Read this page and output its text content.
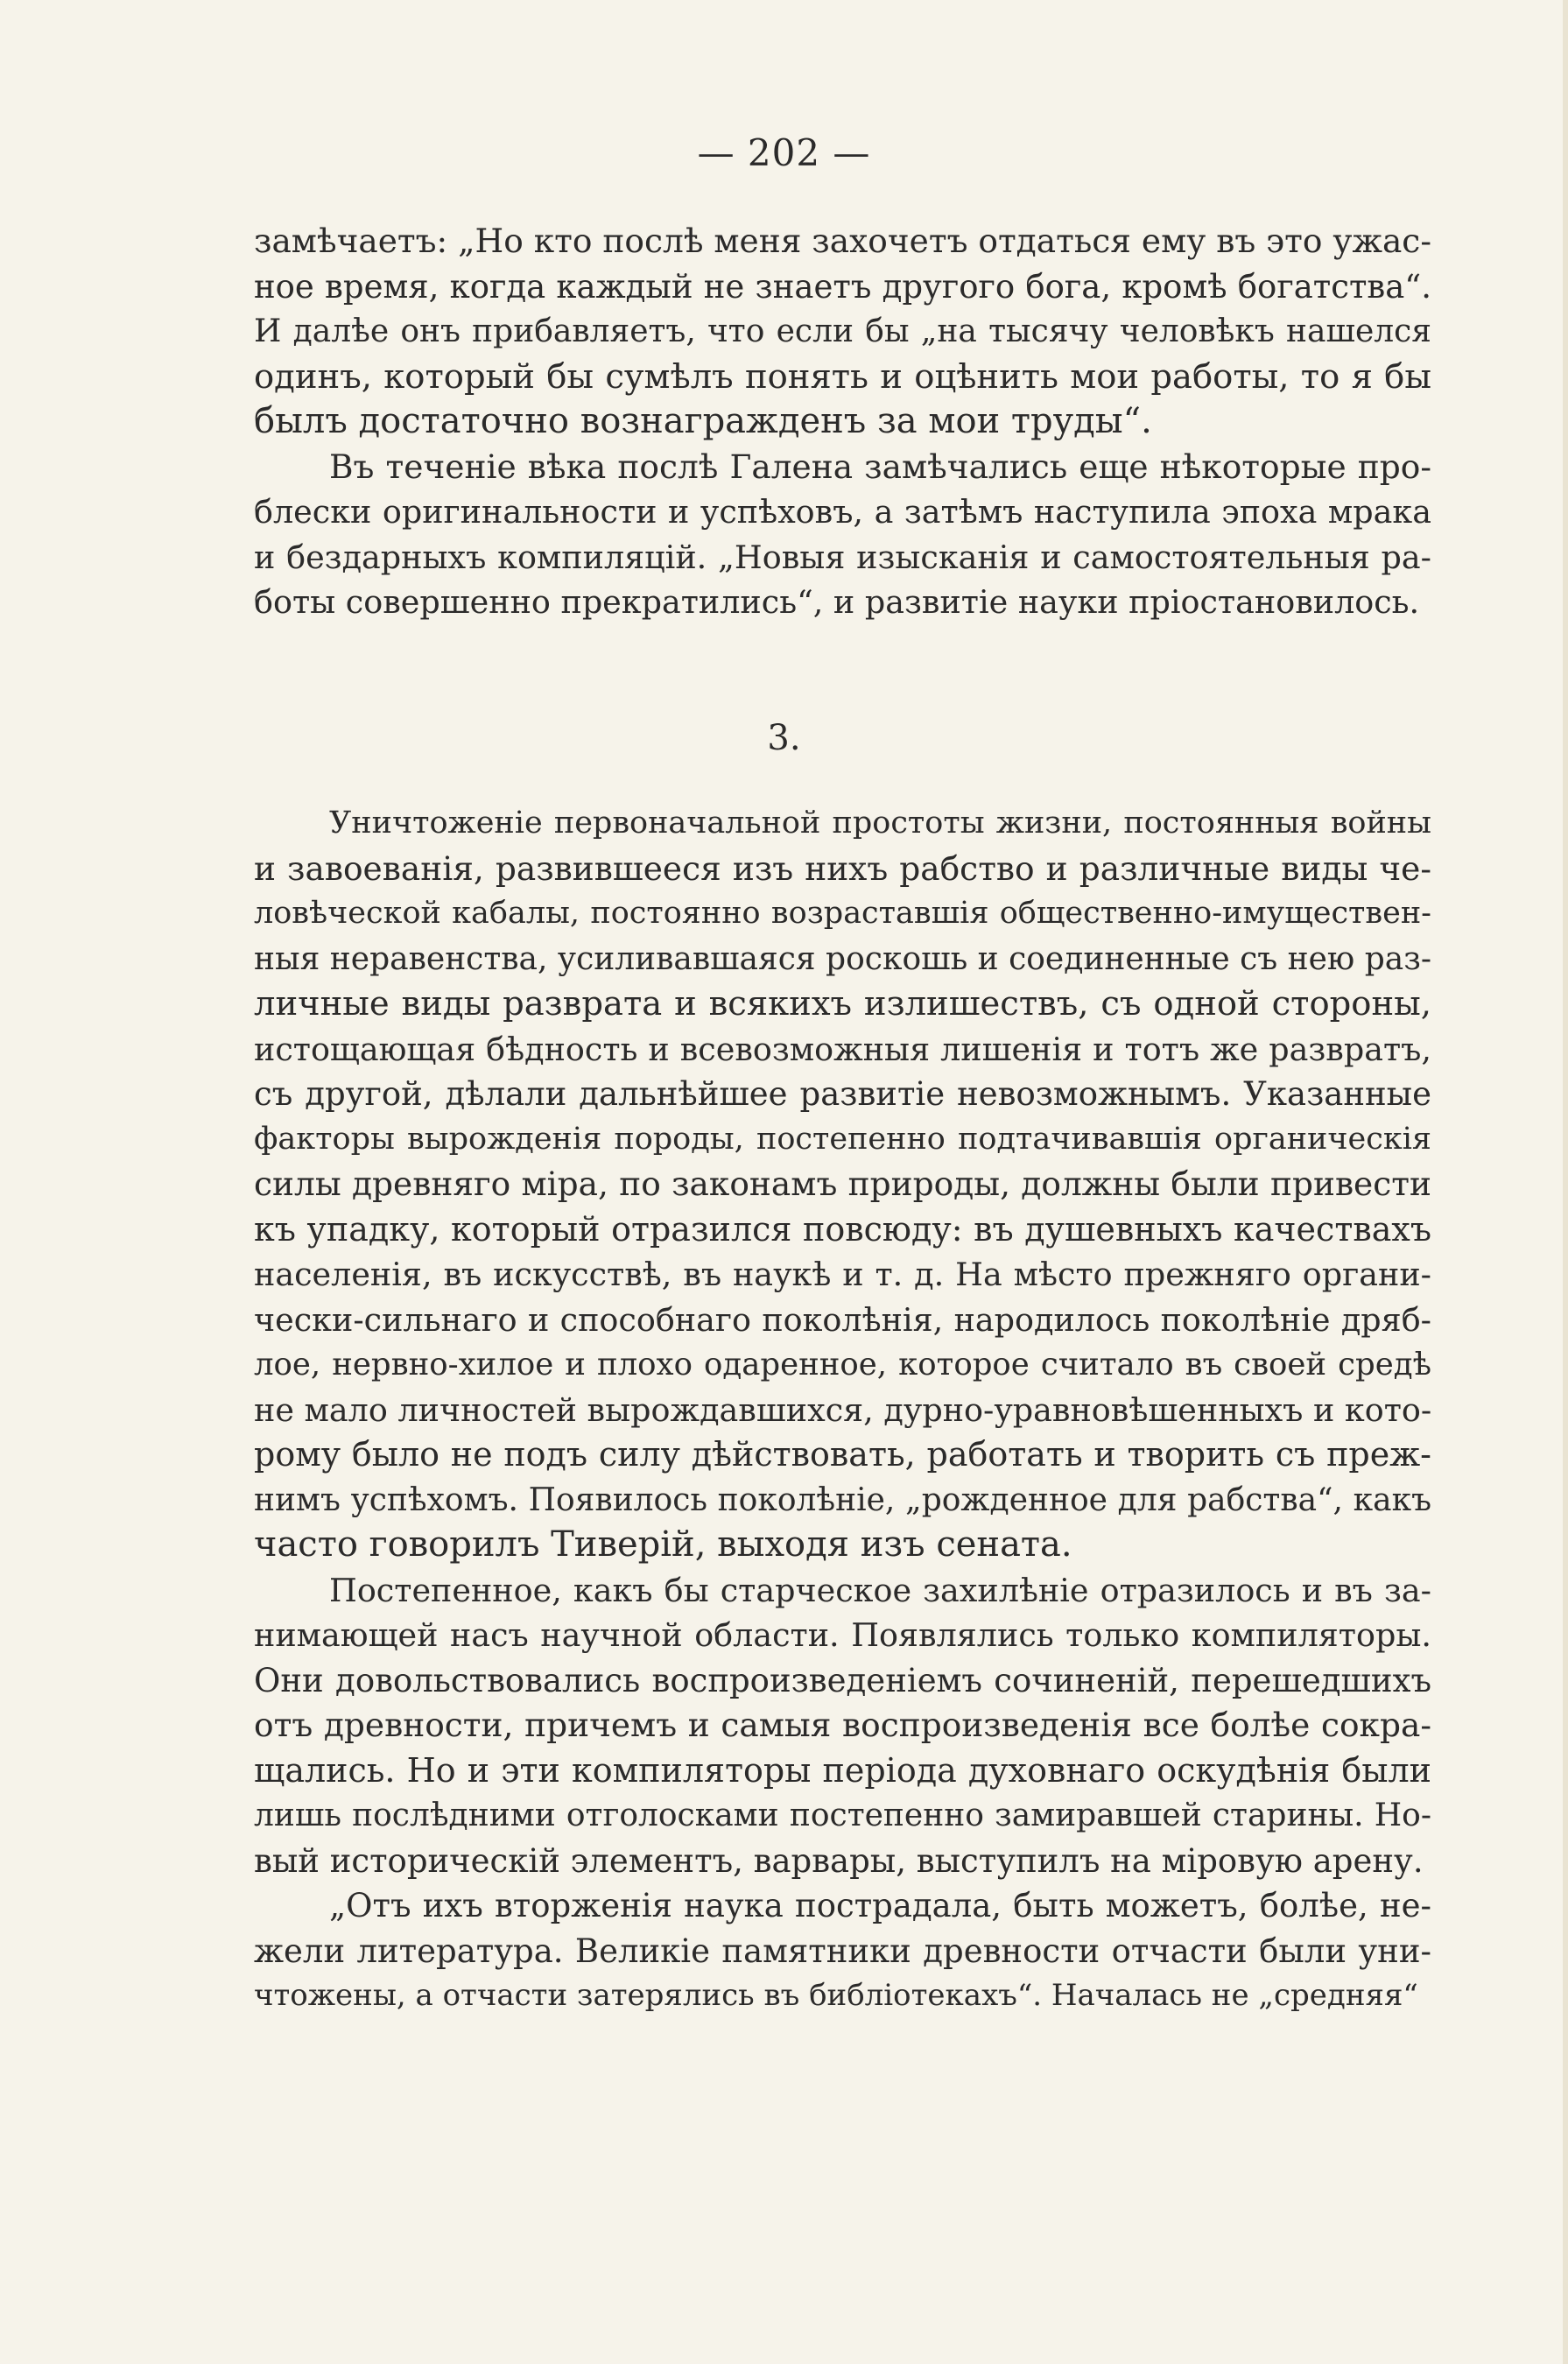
— 202 —
замѣчаетъ: „Но кто послѣ меня захочетъ отдаться ему въ это ужас-
ное время, когда каждый не знаетъ другого бога, кромѣ богатства“.
И далѣе онъ прибавляетъ, что если бы „на тысячу человѣкъ нашелся
одинъ, который бы сумѣлъ понять и оцѣнить мои работы, то я бы
былъ достаточно вознагражденъ за мои труды“.
Въ теченіе вѣка послѣ Галена замѣчались еще нѣкоторые про-
блески оригинальности и успѣховъ, а затѣмъ наступила эпоха мрака
и бездарныхъ компиляцій. „Новыя изысканія и самостоятельныя ра-
боты совершенно прекратились“, и развитіе науки пріостановилось.
3.
Уничтоженіе первоначальной простоты жизни, постоянныя войны
и завоеванія, развившееся изъ нихъ рабство и различные виды че-
ловѣческой кабалы, постоянно возраставшія общественно-имуществен-
ныя неравенства, усиливавшаяся роскошь и соединенные съ нею раз-
личные виды разврата и всякихъ излишествъ, съ одной стороны,
истощающая бѣдность и всевозможныя лишенія и тотъ же развратъ,
съ другой, дѣлали дальнѣйшее развитіе невозможнымъ. Указанные
факторы вырожденія породы, постепенно подтачивавшія органическія
силы древняго міра, по законамъ природы, должны были привести
къ упадку, который отразился повсюду: въ душевныхъ качествахъ
населенія, въ искусствѣ, въ наукѣ и т. д. На мѣсто прежняго органи-
чески-сильнаго и способнаго поколѣнія, народилось поколѣніе дряб-
лое, нервно-хилое и плохо одаренное, которое считало въ своей средѣ
не мало личностей вырождавшихся, дурно-уравновѣшенныхъ и кото-
рому было не подъ силу дѣйствовать, работать и творить съ преж-
нимъ успѣхомъ. Появилось поколѣніе, „рожденное для рабства“, какъ
часто говорилъ Тиверій, выходя изъ сената.
Постепенное, какъ бы старческое захилѣніе отразилось и въ за-
нимающей насъ научной области. Появлялись только компиляторы.
Они довольствовались воспроизведеніемъ сочиненій, перешедшихъ
отъ древности, причемъ и самыя воспроизведенія все болѣе сокра-
щались. Но и эти компиляторы періода духовнаго оскудѣнія были
лишь послѣдними отголосками постепенно замиравшей старины. Но-
вый историческій элементъ, варвары, выступилъ на міровую арену.
„Отъ ихъ вторженія наука пострадала, быть можетъ, болѣе, не-
жели литература. Великіе памятники древности отчасти были уни-
чтожены, а отчасти затерялись въ библіотекахъ“. Началась не „средняя“
